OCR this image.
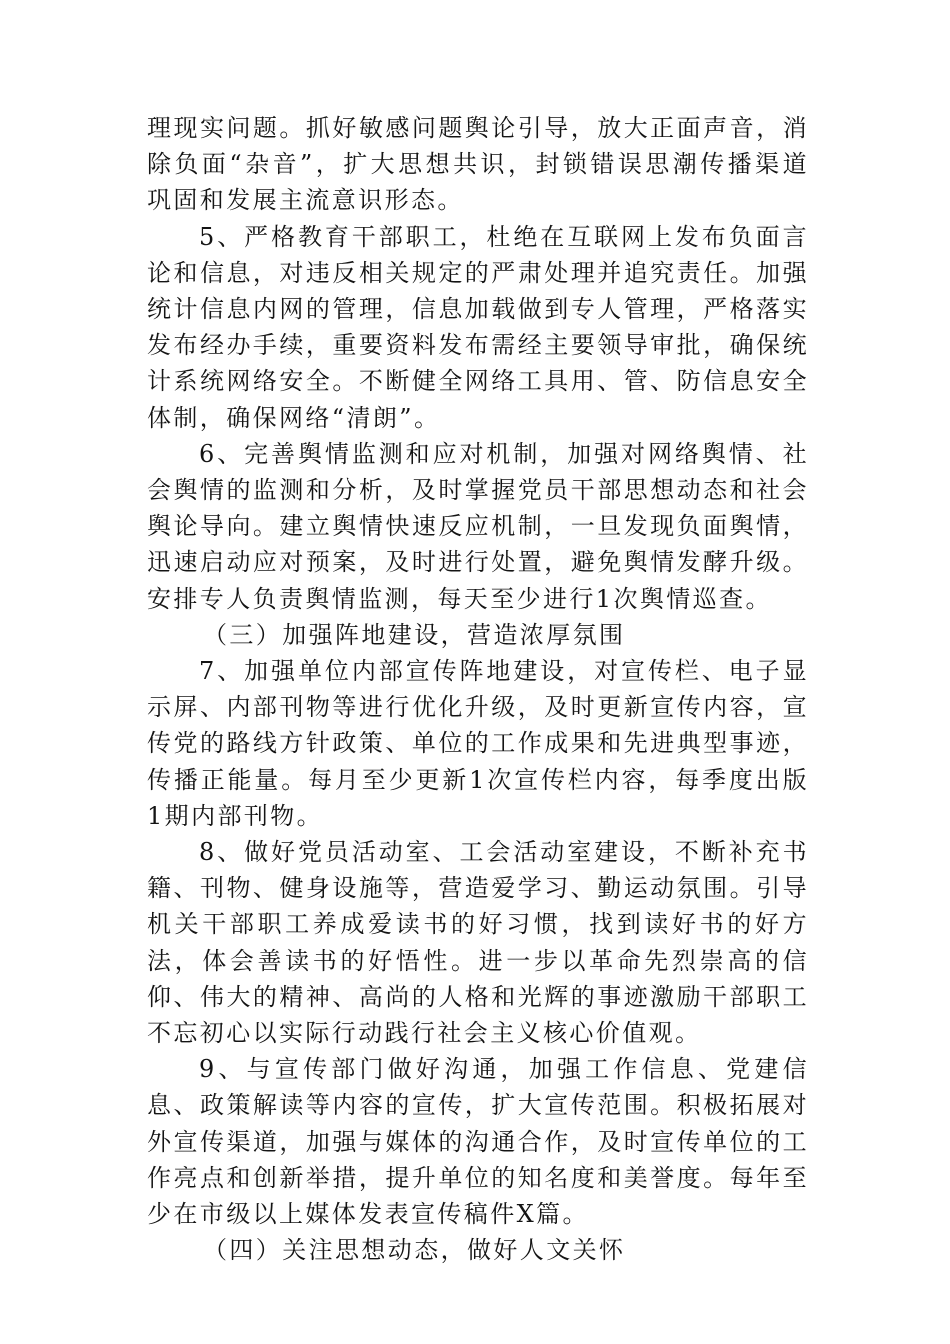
理现实问题。抓好敏感问题舆论引导，放大正面声音，消除负面“杂音”，扩大思想共识，封锁错误思潮传播渠道巩固和发展主流意识形态。

5、严格教育干部职工，杜绝在互联网上发布负面言论和信息，对违反相关规定的严肃处理并追究责任。加强统计信息内网的管理，信息加载做到专人管理，严格落实发布经办手续，重要资料发布需经主要领导审批，确保统计系统网络安全。不断健全网络工具用、管、防信息安全体制，确保网络“清朗”。

6、完善舆情监测和应对机制，加强对网络舆情、社会舆情的监测和分析，及时掌握党员干部思想动态和社会舆论导向。建立舆情快速反应机制，一旦发现负面舆情，迅速启动应对预案，及时进行处置，避免舆情发酵升级。安排专人负责舆情监测，每天至少进行1次舆情巡查。

（三）加强阵地建设，营造浓厚氛围

7、加强单位内部宣传阵地建设，对宣传栏、电子显示屏、内部刊物等进行优化升级，及时更新宣传内容，宣传党的路线方针政策、单位的工作成果和先进典型事迹，传播正能量。每月至少更新1次宣传栏内容，每季度出版1期内部刊物。

8、做好党员活动室、工会活动室建设，不断补充书籍、刊物、健身设施等，营造爱学习、勤运动氛围。引导机关干部职工养成爱读书的好习惯，找到读好书的好方法，体会善读书的好悟性。进一步以革命先烈崇高的信仰、伟大的精神、高尚的人格和光辉的事迹激励干部职工不忘初心以实际行动践行社会主义核心价值观。

9、与宣传部门做好沟通，加强工作信息、党建信息、政策解读等内容的宣传，扩大宣传范围。积极拓展对外宣传渠道，加强与媒体的沟通合作，及时宣传单位的工作亮点和创新举措，提升单位的知名度和美誉度。每年至少在市级以上媒体发表宣传稿件X篇。

（四）关注思想动态，做好人文关怀
